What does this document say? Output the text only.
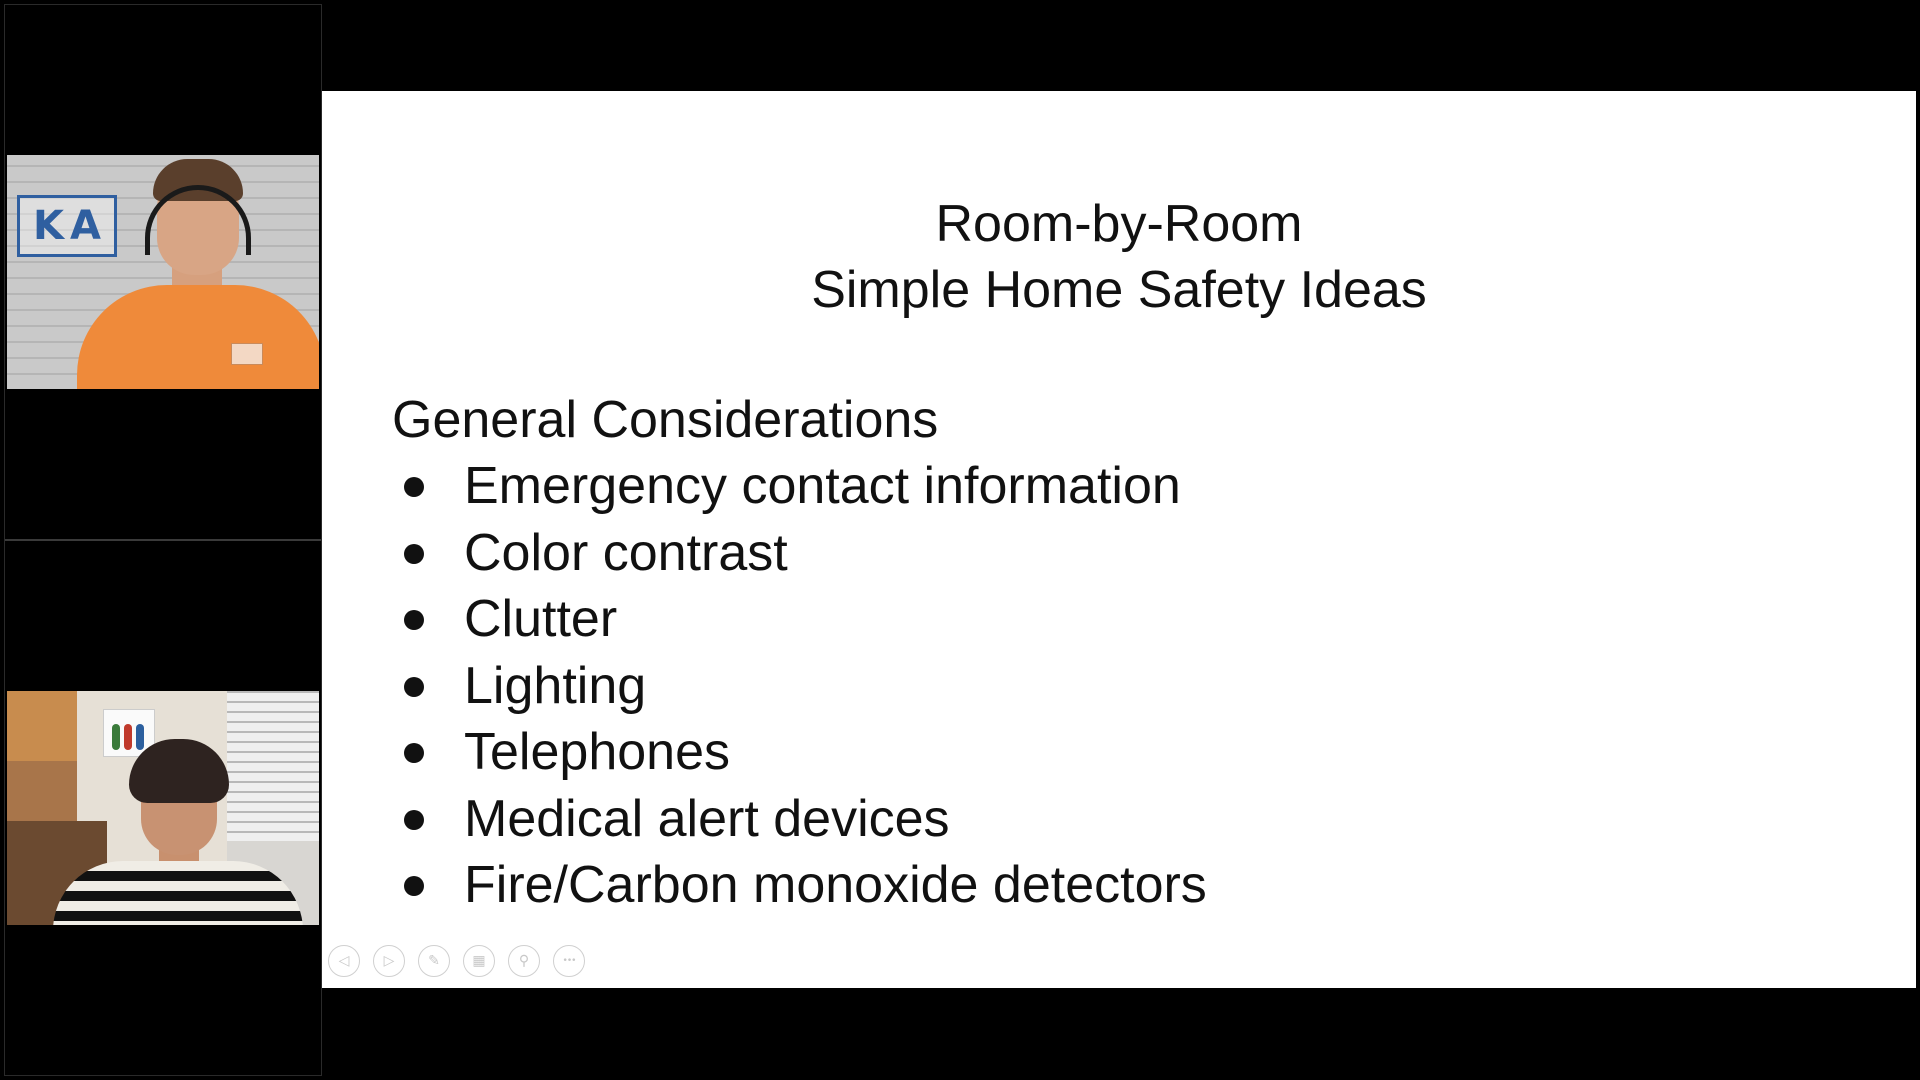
K A	Room-by-Room
Simple Home Safety Ideas
General Considerations
Emergency contact information
Color contrast
Clutter
Lighting
Telephones
Medical alert devices
Fire/Carbon monoxide detectors
◁	▷	✎	▦	⚲	•••
